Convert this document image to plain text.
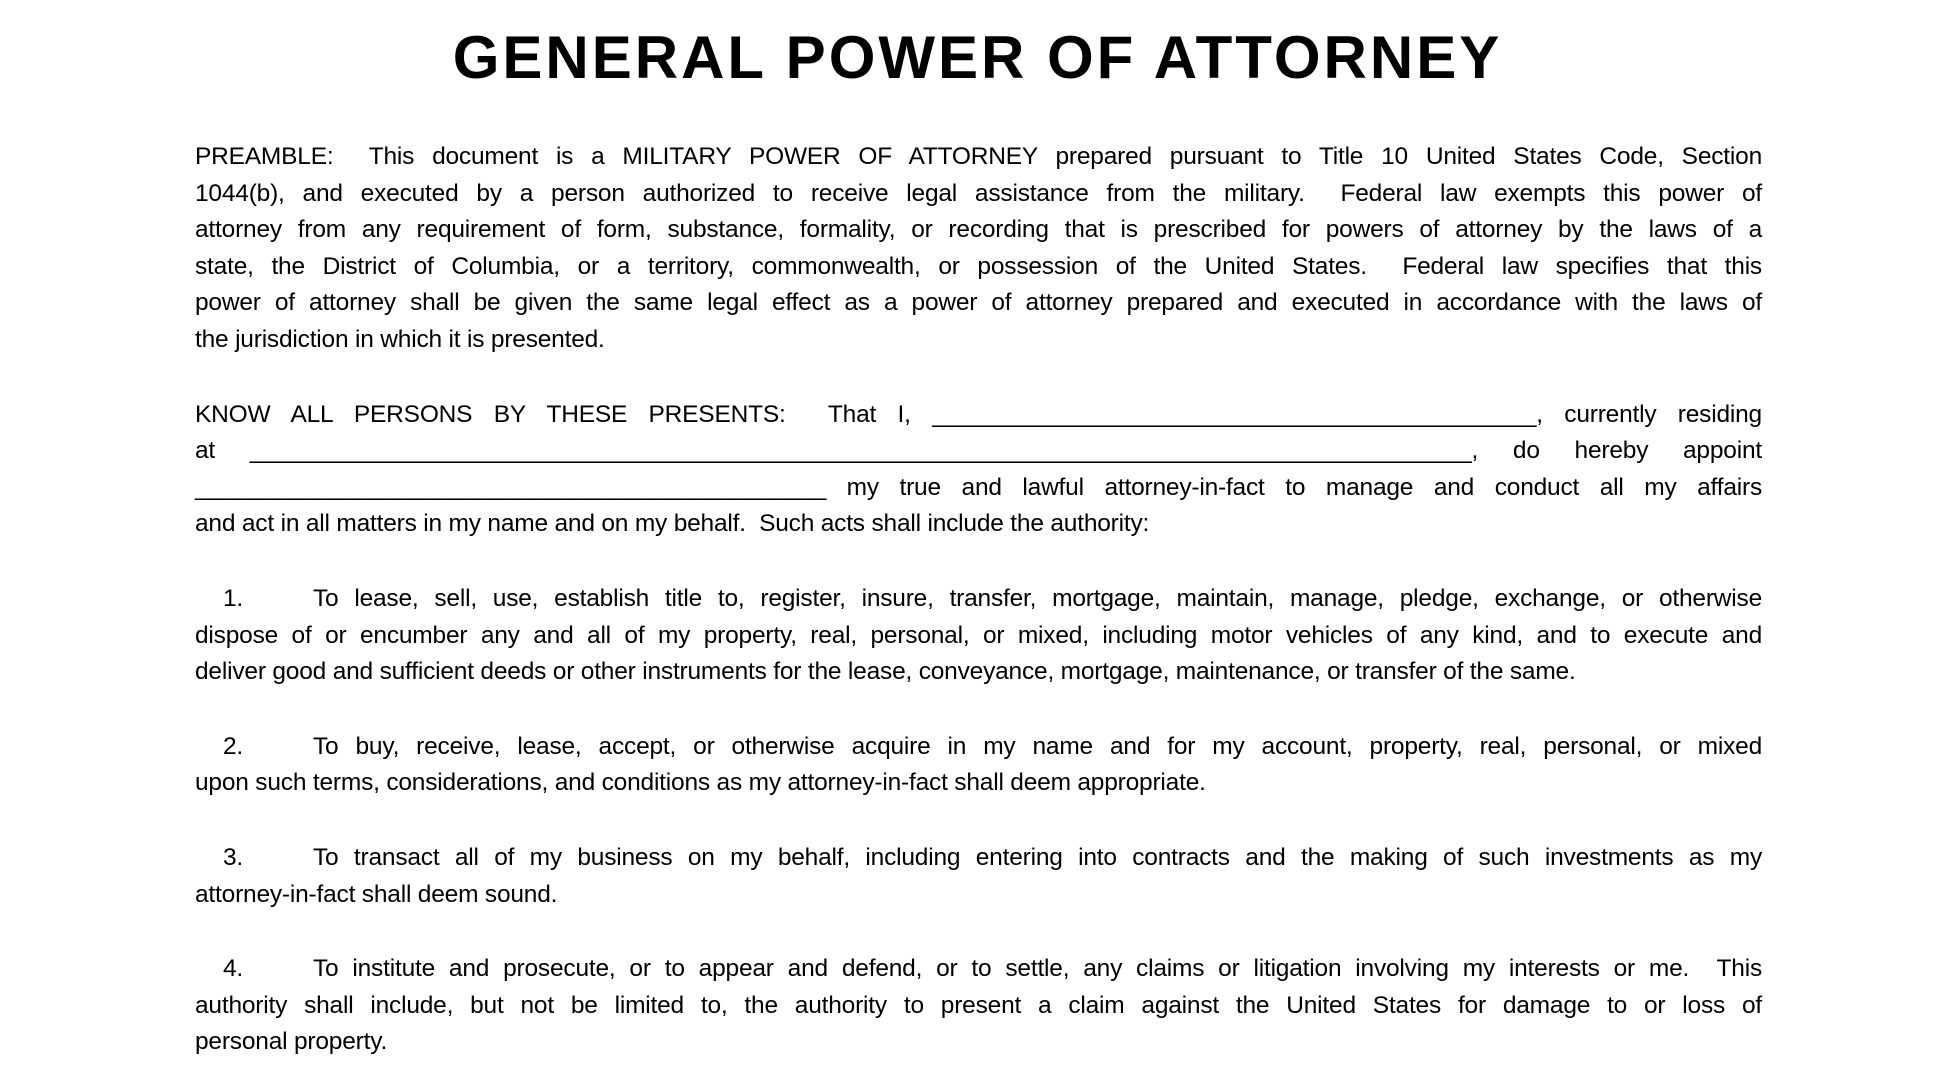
GENERAL POWER OF ATTORNEY
PREAMBLE:  This document is a MILITARY POWER OF ATTORNEY prepared pursuant to Title 10 United States Code, Section
1044(b), and executed by a person authorized to receive legal assistance from the military.  Federal law exempts this power of
attorney from any requirement of form, substance, formality, or recording that is prescribed for powers of attorney by the laws of a
state, the District of Columbia, or a territory, commonwealth, or possession of the United States.  Federal law specifies that this
power of attorney shall be given the same legal effect as a power of attorney prepared and executed in accordance with the laws of
the jurisdiction in which it is presented.
KNOW ALL PERSONS BY THESE PRESENTS:  That I, _____________________________________________, currently residing
at ___________________________________________________________________________________________, do hereby appoint
_______________________________________________ my true and lawful attorney-in-fact to manage and conduct all my affairs
and act in all matters in my name and on my behalf.  Such acts shall include the authority:
1.	To lease, sell, use, establish title to, register, insure, transfer, mortgage, maintain, manage, pledge, exchange, or otherwise
dispose of or encumber any and all of my property, real, personal, or mixed, including motor vehicles of any kind, and to execute and
deliver good and sufficient deeds or other instruments for the lease, conveyance, mortgage, maintenance, or transfer of the same.
2.	To buy, receive, lease, accept, or otherwise acquire in my name and for my account, property, real, personal, or mixed
upon such terms, considerations, and conditions as my attorney-in-fact shall deem appropriate.
3.	To transact all of my business on my behalf, including entering into contracts and the making of such investments as my
attorney-in-fact shall deem sound.
4.	To institute and prosecute, or to appear and defend, or to settle, any claims or litigation involving my interests or me.  This
authority shall include, but not be limited to, the authority to present a claim against the United States for damage to or loss of
personal property.
